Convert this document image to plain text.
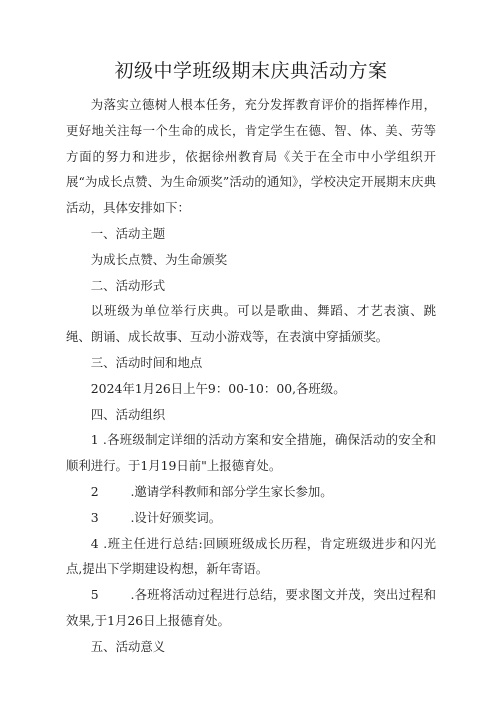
初级中学班级期末庆典活动方案

为落实立德树人根本任务，充分发挥教育评价的指挥棒作用，更好地关注每一个生命的成长，肯定学生在德、智、体、美、劳等方面的努力和进步，依据徐州教育局《关于在全市中小学组织开展“为成长点赞、为生命颁奖”活动的通知》，学校决定开展期末庆典活动，具体安排如下：

一、活动主题

为成长点赞、为生命颁奖

二、活动形式

以班级为单位举行庆典。可以是歌曲、舞蹈、才艺表演、跳绳、朗诵、成长故事、互动小游戏等，在表演中穿插颁奖。

三、活动时间和地点

2024年1月26日上午9：00-10：00,各班级。

四、活动组织

1 .各班级制定详细的活动方案和安全措施，确保活动的安全和顺利进行。于1月19日前"上报德育处。

2	.邀请学科教师和部分学生家长参加。

3	.设计好颁奖词。

4 .班主任进行总结:回顾班级成长历程，肯定班级进步和闪光点,提出下学期建设构想，新年寄语。

5	.各班将活动过程进行总结，要求图文并茂，突出过程和效果,于1月26日上报德育处。

五、活动意义
